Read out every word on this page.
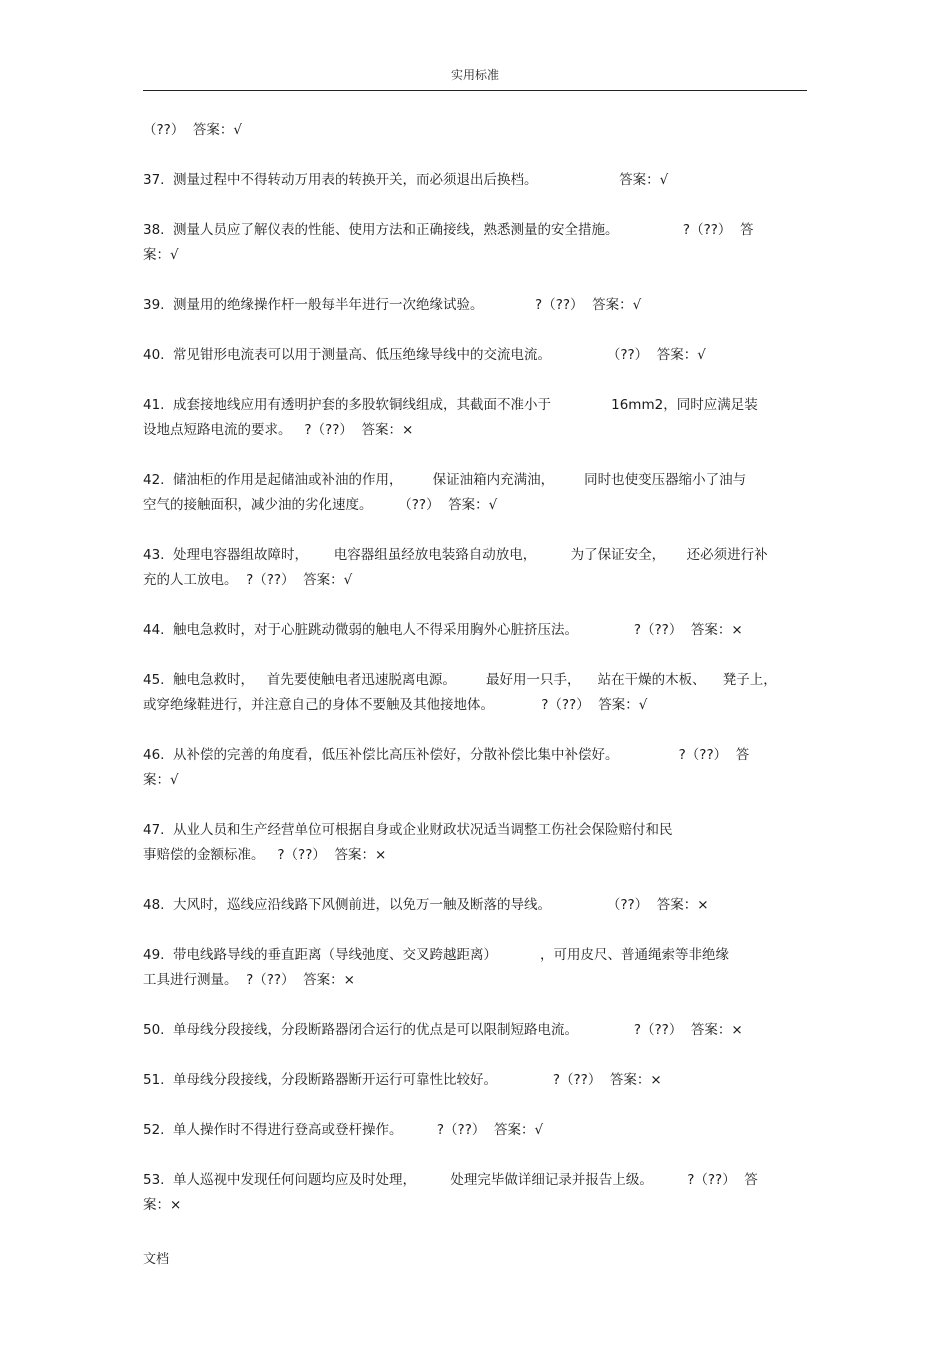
实用标准
（??）  答案：√
37.  测量过程中不得转动万用表的转换开关，而必须退出后换档。                   答案：√
38.  测量人员应了解仪表的性能、使用方法和正确接线，熟悉测量的安全措施。               ?（??）  答
案：√
39.  测量用的绝缘操作杆一般每半年进行一次绝缘试验。            ?（??）  答案：√
40.  常见钳形电流表可以用于测量高、低压绝缘导线中的交流电流。             （??）  答案：√
41.  成套接地线应用有透明护套的多股软铜线组成，其截面不准小于              16mm2，同时应满足装
设地点短路电流的要求。   ?（??）  答案：×
42.  储油柜的作用是起储油或补油的作用，       保证油箱内充满油，       同时也使变压器缩小了油与
空气的接触面积，减少油的劣化速度。      （??）  答案：√
43.  处理电容器组故障时，      电容器组虽经放电装臵自动放电，        为了保证安全，     还必须进行补
充的人工放电。  ?（??）  答案：√
44.  触电急救时，对于心脏跳动微弱的触电人不得采用胸外心脏挤压法。             ?（??）  答案：×
45.  触电急救时，   首先要使触电者迅速脱离电源。       最好用一只手，    站在干燥的木板、    凳子上，
或穿绝缘鞋进行，并注意自己的身体不要触及其他接地体。           ?（??）  答案：√
46.  从补偿的完善的角度看，低压补偿比高压补偿好，分散补偿比集中补偿好。              ?（??）  答
案：√
47.  从业人员和生产经营单位可根据自身或企业财政状况适当调整工伤社会保险赔付和民
事赔偿的金额标准。   ?（??）  答案：×
48.  大风时，巡线应沿线路下风侧前进，以免万一触及断落的导线。             （??）  答案：×
49.  带电线路导线的垂直距离（导线弛度、交叉跨越距离）          ，可用皮尺、普通绳索等非绝缘
工具进行测量。  ?（??）  答案：×
50.  单母线分段接线，分段断路器闭合运行的优点是可以限制短路电流。             ?（??）  答案：×
51.  单母线分段接线，分段断路器断开运行可靠性比较好。             ?（??）  答案：×
52.  单人操作时不得进行登高或登杆操作。        ?（??）  答案：√
53.  单人巡视中发现任何问题均应及时处理，        处理完毕做详细记录并报告上级。        ?（??）  答
案：×
文档
